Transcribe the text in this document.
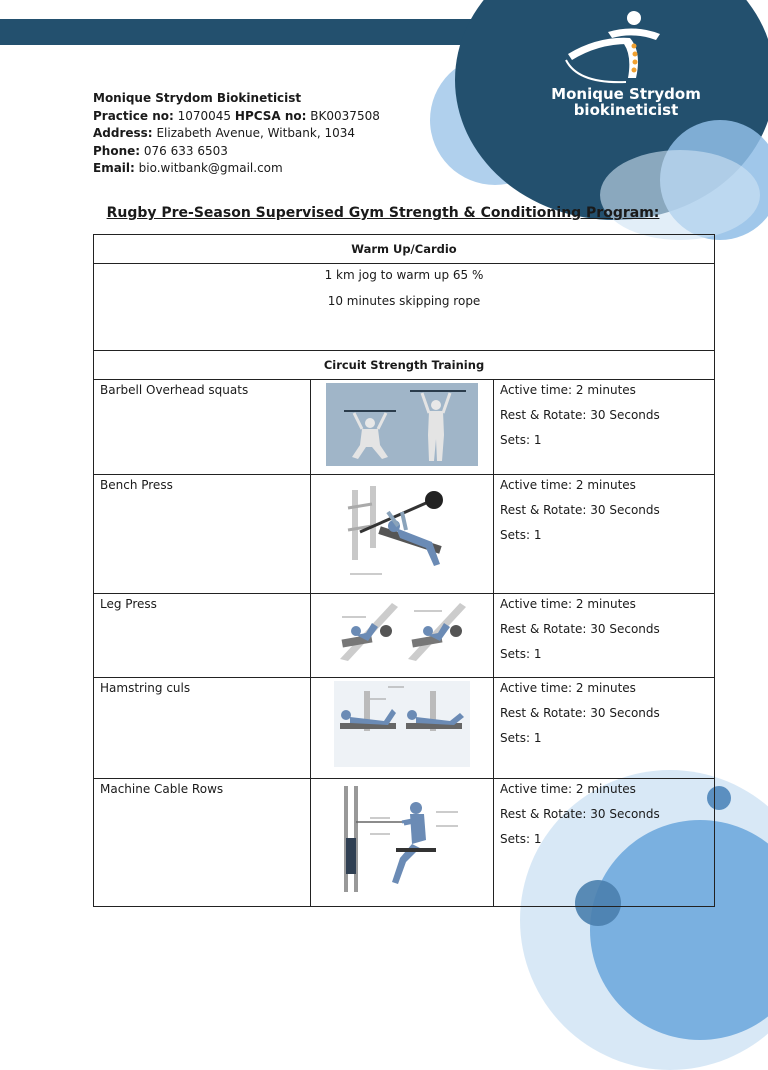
Monique Strydom
biokineticist
Monique Strydom Biokineticist
Practice no: 1070045 HPCSA no: BK0037508
Address: Elizabeth Avenue, Witbank, 1034
Phone: 076 633 6503
Email: bio.witbank@gmail.com
Rugby Pre-Season Supervised Gym Strength & Conditioning Program:
Warm Up/Cardio		

1 km jog to warm up 65 %

10 minutes skipping rope		

Circuit Strength Training		
Barbell Overhead squats		Active time: 2 minutes

Rest & Rotate: 30 Seconds

Sets: 1

Bench Press		Active time: 2 minutes

Rest & Rotate: 30 Seconds

Sets: 1

Leg Press		Active time: 2 minutes

Rest & Rotate: 30 Seconds

Sets: 1

Hamstring culs		Active time: 2 minutes

Rest & Rotate: 30 Seconds

Sets: 1

Machine Cable Rows		Active time: 2 minutes

Rest & Rotate: 30 Seconds

Sets: 1
